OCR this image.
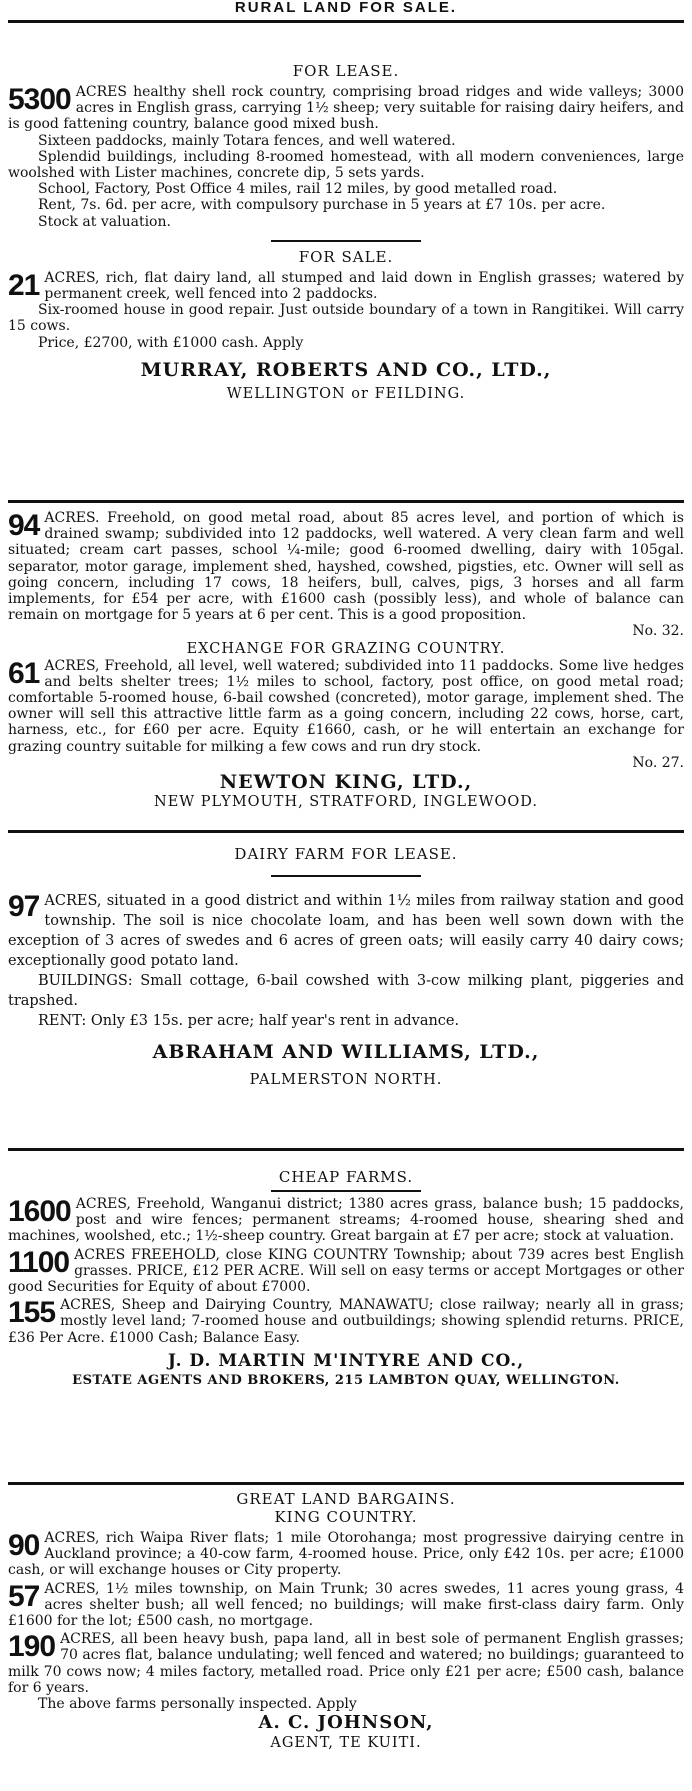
RURAL LAND FOR SALE.

FOR LEASE.

5300 ACRES healthy shell rock country, comprising broad ridges and wide valleys; 3000 acres in English grass, carrying 1½ sheep; very suitable for raising dairy heifers, and is good fattening country, balance good mixed bush.

Sixteen paddocks, mainly Totara fences, and well watered.

Splendid buildings, including 8-roomed homestead, with all modern conveniences, large woolshed with Lister machines, concrete dip, 5 sets yards.

School, Factory, Post Office 4 miles, rail 12 miles, by good metalled road.

Rent, 7s. 6d. per acre, with compulsory purchase in 5 years at £7 10s. per acre.

Stock at valuation.

FOR SALE.

21 ACRES, rich, flat dairy land, all stumped and laid down in English grasses; watered by permanent creek, well fenced into 2 paddocks.

Six-roomed house in good repair. Just outside boundary of a town in Rangitikei. Will carry 15 cows.

Price, £2700, with £1000 cash. Apply

MURRAY, ROBERTS AND CO., LTD.,

WELLINGTON or FEILDING.

94 ACRES. Freehold, on good metal road, about 85 acres level, and portion of which is drained swamp; subdivided into 12 paddocks, well watered. A very clean farm and well situated; cream cart passes, school ¼-mile; good 6-roomed dwelling, dairy with 105gal. separator, motor garage, implement shed, hayshed, cowshed, pigsties, etc. Owner will sell as going concern, including 17 cows, 18 heifers, bull, calves, pigs, 3 horses and all farm implements, for £54 per acre, with £1600 cash (possibly less), and whole of balance can remain on mortgage for 5 years at 6 per cent. This is a good proposition.

No. 32.

EXCHANGE FOR GRAZING COUNTRY.

61 ACRES, Freehold, all level, well watered; subdivided into 11 paddocks. Some live hedges and belts shelter trees; 1½ miles to school, factory, post office, on good metal road; comfortable 5-roomed house, 6-bail cowshed (concreted), motor garage, implement shed. The owner will sell this attractive little farm as a going concern, including 22 cows, horse, cart, harness, etc., for £60 per acre. Equity £1660, cash, or he will entertain an exchange for grazing country suitable for milking a few cows and run dry stock.

No. 27.

NEWTON KING, LTD.,

NEW PLYMOUTH, STRATFORD, INGLEWOOD.

DAIRY FARM FOR LEASE.

97 ACRES, situated in a good district and within 1½ miles from railway station and good township. The soil is nice chocolate loam, and has been well sown down with the exception of 3 acres of swedes and 6 acres of green oats; will easily carry 40 dairy cows; exceptionally good potato land.

BUILDINGS: Small cottage, 6-bail cowshed with 3-cow milking plant, piggeries and trapshed.

RENT: Only £3 15s. per acre; half year's rent in advance.

ABRAHAM AND WILLIAMS, LTD.,

PALMERSTON NORTH.

CHEAP FARMS.

1600 ACRES, Freehold, Wanganui district; 1380 acres grass, balance bush; 15 paddocks, post and wire fences; permanent streams; 4-roomed house, shearing shed and machines, woolshed, etc.; 1½-sheep country. Great bargain at £7 per acre; stock at valuation.

1100 ACRES FREEHOLD, close KING COUNTRY Township; about 739 acres best English grasses. PRICE, £12 PER ACRE. Will sell on easy terms or accept Mortgages or other good Securities for Equity of about £7000.

155 ACRES, Sheep and Dairying Country, MANAWATU; close railway; nearly all in grass; mostly level land; 7-roomed house and outbuildings; showing splendid returns. PRICE, £36 Per Acre. £1000 Cash; Balance Easy.

J. D. MARTIN M'INTYRE AND CO.,

ESTATE AGENTS AND BROKERS, 215 LAMBTON QUAY, WELLINGTON.

GREAT LAND BARGAINS.

KING COUNTRY.

90 ACRES, rich Waipa River flats; 1 mile Otorohanga; most progressive dairying centre in Auckland province; a 40-cow farm, 4-roomed house. Price, only £42 10s. per acre; £1000 cash, or will exchange houses or City property.

57 ACRES, 1½ miles township, on Main Trunk; 30 acres swedes, 11 acres young grass, 4 acres shelter bush; all well fenced; no buildings; will make first-class dairy farm. Only £1600 for the lot; £500 cash, no mortgage.

190 ACRES, all been heavy bush, papa land, all in best sole of permanent English grasses; 70 acres flat, balance undulating; well fenced and watered; no buildings; guaranteed to milk 70 cows now; 4 miles factory, metalled road. Price only £21 per acre; £500 cash, balance for 6 years.

The above farms personally inspected. Apply

A. C. JOHNSON,

AGENT, TE KUITI.
